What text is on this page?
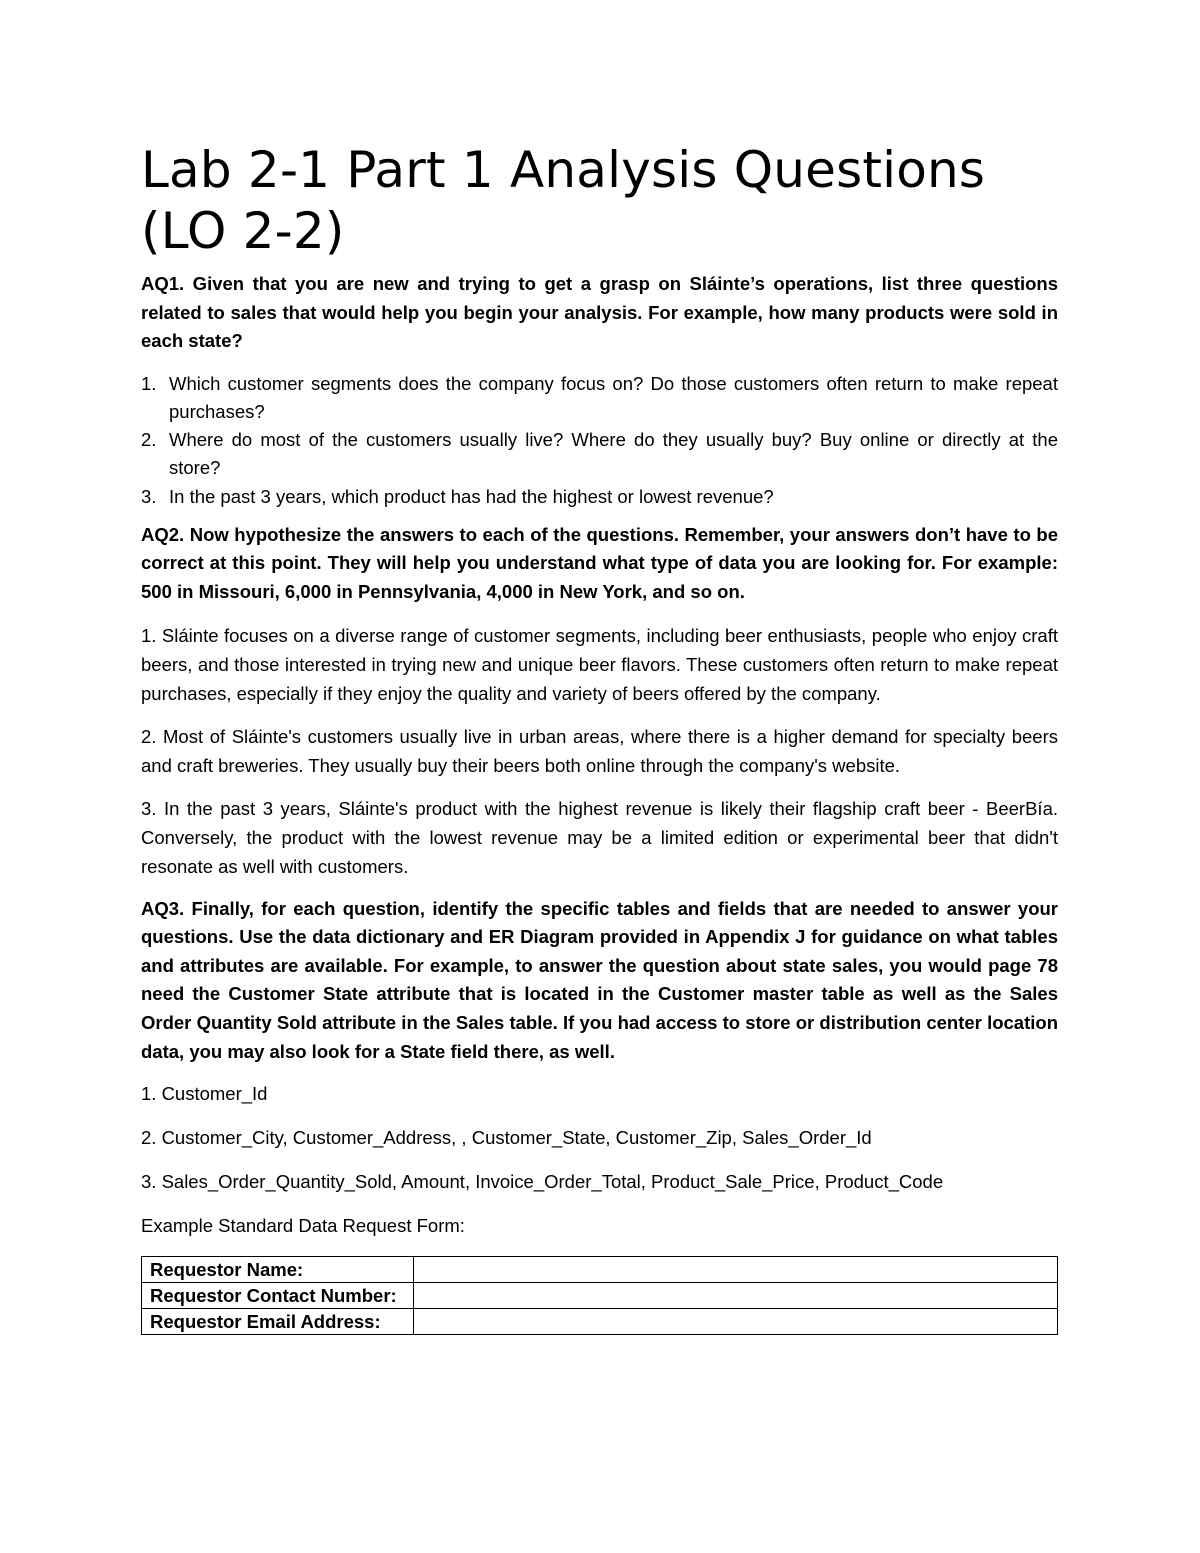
Lab 2-1 Part 1 Analysis Questions (LO 2-2)

AQ1. Given that you are new and trying to get a grasp on Sláinte’s operations, list three questions related to sales that would help you begin your analysis. For example, how many products were sold in each state?

1. Which customer segments does the company focus on? Do those customers often return to make repeat purchases?
2. Where do most of the customers usually live? Where do they usually buy? Buy online or directly at the store?
3. In the past 3 years, which product has had the highest or lowest revenue?

AQ2. Now hypothesize the answers to each of the questions. Remember, your answers don’t have to be correct at this point. They will help you understand what type of data you are looking for. For example: 500 in Missouri, 6,000 in Pennsylvania, 4,000 in New York, and so on.

1. Sláinte focuses on a diverse range of customer segments, including beer enthusiasts, people who enjoy craft beers, and those interested in trying new and unique beer flavors. These customers often return to make repeat purchases, especially if they enjoy the quality and variety of beers offered by the company.

2. Most of Sláinte's customers usually live in urban areas, where there is a higher demand for specialty beers and craft breweries. They usually buy their beers both online through the company's website.

3. In the past 3 years, Sláinte's product with the highest revenue is likely their flagship craft beer - BeerBía. Conversely, the product with the lowest revenue may be a limited edition or experimental beer that didn't resonate as well with customers.

AQ3. Finally, for each question, identify the specific tables and fields that are needed to answer your questions. Use the data dictionary and ER Diagram provided in Appendix J for guidance on what tables and attributes are available. For example, to answer the question about state sales, you would page 78 need the Customer State attribute that is located in the Customer master table as well as the Sales Order Quantity Sold attribute in the Sales table. If you had access to store or distribution center location data, you may also look for a State field there, as well.

1. Customer_Id

2. Customer_City, Customer_Address, , Customer_State, Customer_Zip, Sales_Order_Id

3. Sales_Order_Quantity_Sold, Amount, Invoice_Order_Total, Product_Sale_Price, Product_Code

Example Standard Data Request Form:

Requestor Name:	
Requestor Contact Number:	
Requestor Email Address:	
